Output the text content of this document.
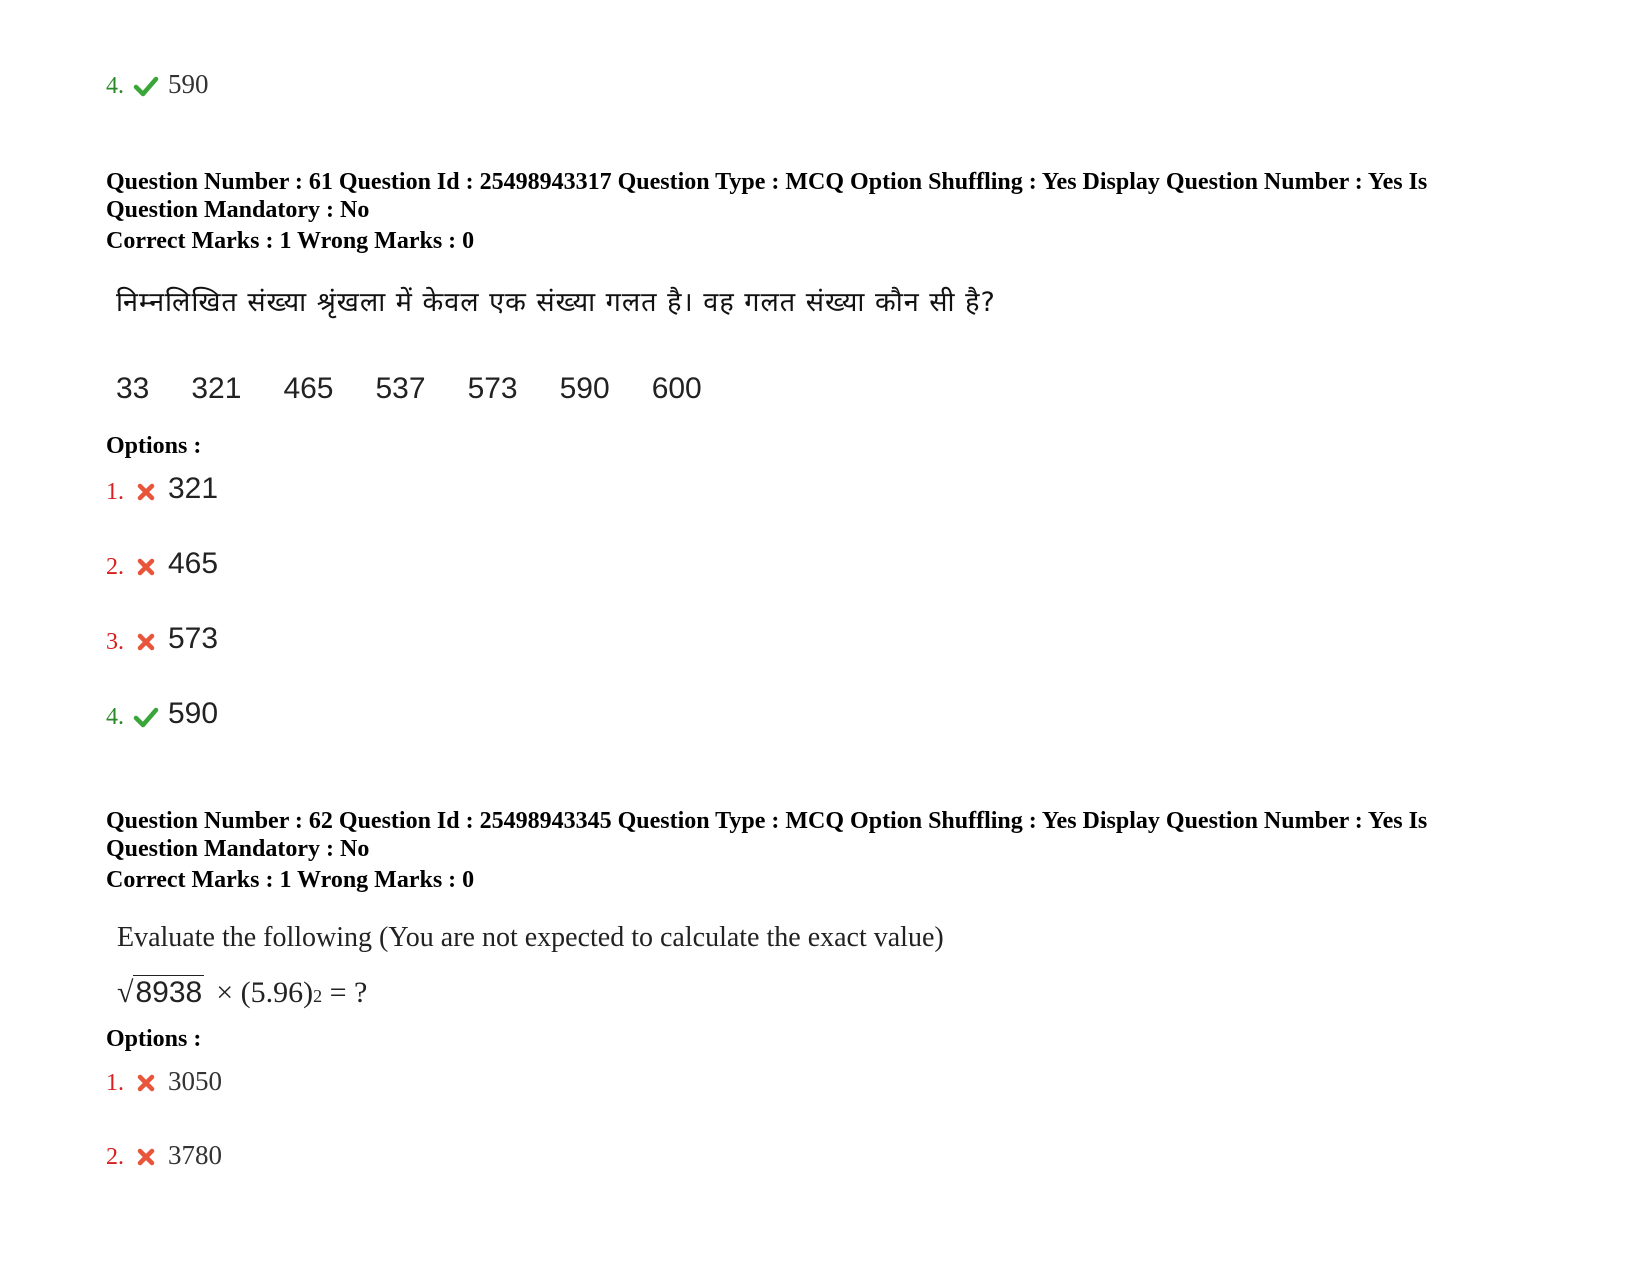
4. 590
Question Number : 61 Question Id : 25498943317 Question Type : MCQ Option Shuffling : Yes Display Question Number : Yes Is
Question Mandatory : No
Correct Marks : 1 Wrong Marks : 0
निम्नलिखित संख्या श्रृंखला में केवल एक संख्या गलत है। वह गलत संख्या कौन सी है?
33 321 465 537 573 590 600
Options :
1. 321
2. 465
3. 573
4. 590
Question Number : 62 Question Id : 25498943345 Question Type : MCQ Option Shuffling : Yes Display Question Number : Yes Is
Question Mandatory : No
Correct Marks : 1 Wrong Marks : 0
Evaluate the following (You are not expected to calculate the exact value)
√ 8938 × (5.96) 2 = ?
Options :
1. 3050
2. 3780
